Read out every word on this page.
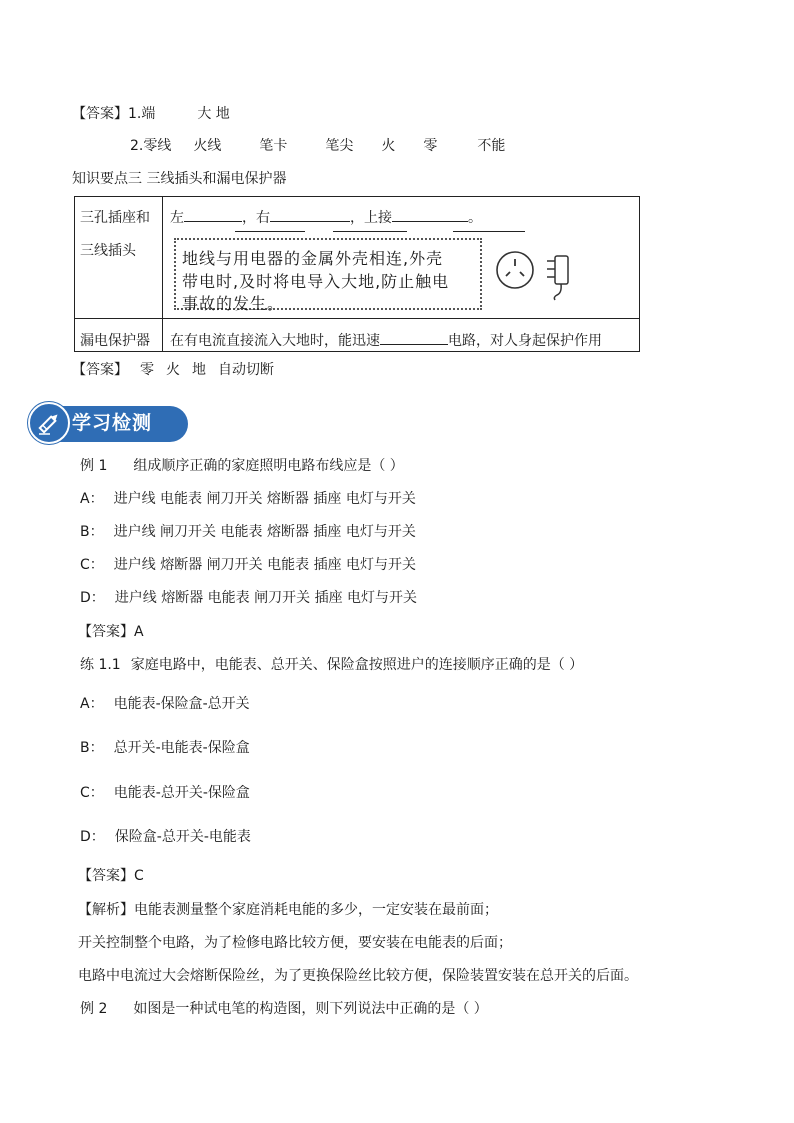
【答案】1.端	大 地
2.零线 火线	笔卡	笔尖 火 零	不能
知识要点三 三线插头和漏电保护器
三孔插座和
三线插头
左	，右	，上接	。
地线与用电器的金属外壳相连,外壳
带电时,及时将电导入大地,防止触电
事故的发生。
漏电保护器 在有电流直接流入大地时，能迅速	电路，对人身起保护作用
【答案】 零 火 地 自动切断
学习检测
例 1 组成顺序正确的家庭照明电路布线应是（ ）
A： 进户线 电能表 闸刀开关 熔断器 插座 电灯与开关
B： 进户线 闸刀开关 电能表 熔断器 插座 电灯与开关
C： 进户线 熔断器 闸刀开关 电能表 插座 电灯与开关
D： 进户线 熔断器 电能表 闸刀开关 插座 电灯与开关
【答案】A
练 1.1 家庭电路中，电能表、总开关、保险盒按照进户的连接顺序正确的是（ ）
A： 电能表-保险盒-总开关
B： 总开关-电能表-保险盒
C： 电能表-总开关-保险盒
D： 保险盒-总开关-电能表
【答案】C
【解析】电能表测量整个家庭消耗电能的多少，一定安装在最前面；
开关控制整个电路，为了检修电路比较方便，要安装在电能表的后面；
电路中电流过大会熔断保险丝，为了更换保险丝比较方便，保险装置安装在总开关的后面。
例 2 如图是一种试电笔的构造图，则下列说法中正确的是（ ）
